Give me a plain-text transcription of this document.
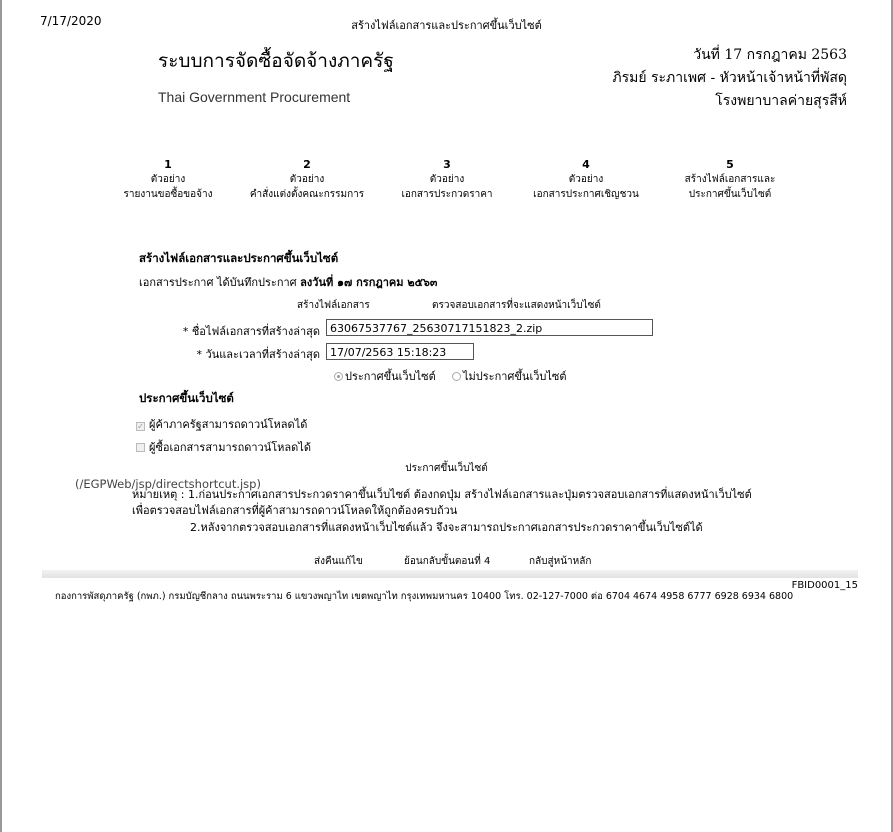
7/17/2020	สร้างไฟล์เอกสารและประกาศขึ้นเว็บไซต์
ระบบการจัดซื้อจัดจ้างภาครัฐ
Thai Government Procurement
วันที่ 17 กรกฎาคม 2563
ภิรมย์ ระภาเพศ - หัวหน้าเจ้าหน้าที่พัสดุ
โรงพยาบาลค่ายสุรสีห์
1
ตัวอย่าง
รายงานขอซื้อขอจ้าง
2
ตัวอย่าง
คำสั่งแต่งตั้งคณะกรรมการ
3
ตัวอย่าง
เอกสารประกวดราคา
4
ตัวอย่าง
เอกสารประกาศเชิญชวน
5
สร้างไฟล์เอกสารและ
ประกาศขึ้นเว็บไซต์
สร้างไฟล์เอกสารและประกาศขึ้นเว็บไซต์
เอกสารประกาศ ได้บันทึกประกาศ ลงวันที่ ๑๗ กรกฎาคม ๒๕๖๓
สร้างไฟล์เอกสาร	ตรวจสอบเอกสารที่จะแสดงหน้าเว็บไซต์
* ชื่อไฟล์เอกสารที่สร้างล่าสุด 63067537767_25630717151823_2.zip
* วันและเวลาที่สร้างล่าสุด 17/07/2563 15:18:23
ประกาศขึ้นเว็บไซต์	ไม่ประกาศขึ้นเว็บไซต์
ประกาศขึ้นเว็บไซต์
✓ ผู้ค้าภาครัฐสามารถดาวน์โหลดได้
ผู้ซื้อเอกสารสามารถดาวน์โหลดได้
ประกาศขึ้นเว็บไซต์
หมายเหตุ : 1.ก่อนประกาศเอกสารประกวดราคาขึ้นเว็บไซต์ ต้องกดปุ่ม สร้างไฟล์เอกสารและปุ่มตรวจสอบเอกสารที่แสดงหน้าเว็บไซต์
(/EGPWeb/jsp/directshortcut.jsp)
เพื่อตรวจสอบไฟล์เอกสารที่ผู้ค้าสามารถดาวน์โหลดให้ถูกต้องครบถ้วน
2.หลังจากตรวจสอบเอกสารที่แสดงหน้าเว็บไซต์แล้ว จึงจะสามารถประกาศเอกสารประกวดราคาขึ้นเว็บไซต์ได้
ส่งคืนแก้ไข	ย้อนกลับขั้นตอนที่ 4	กลับสู่หน้าหลัก
FBID0001_15
กองการพัสดุภาครัฐ (กพภ.) กรมบัญชีกลาง ถนนพระราม 6 แขวงพญาไท เขตพญาไท กรุงเทพมหานคร 10400 โทร. 02-127-7000 ต่อ 6704 4674 4958 6777 6928 6934 6800
